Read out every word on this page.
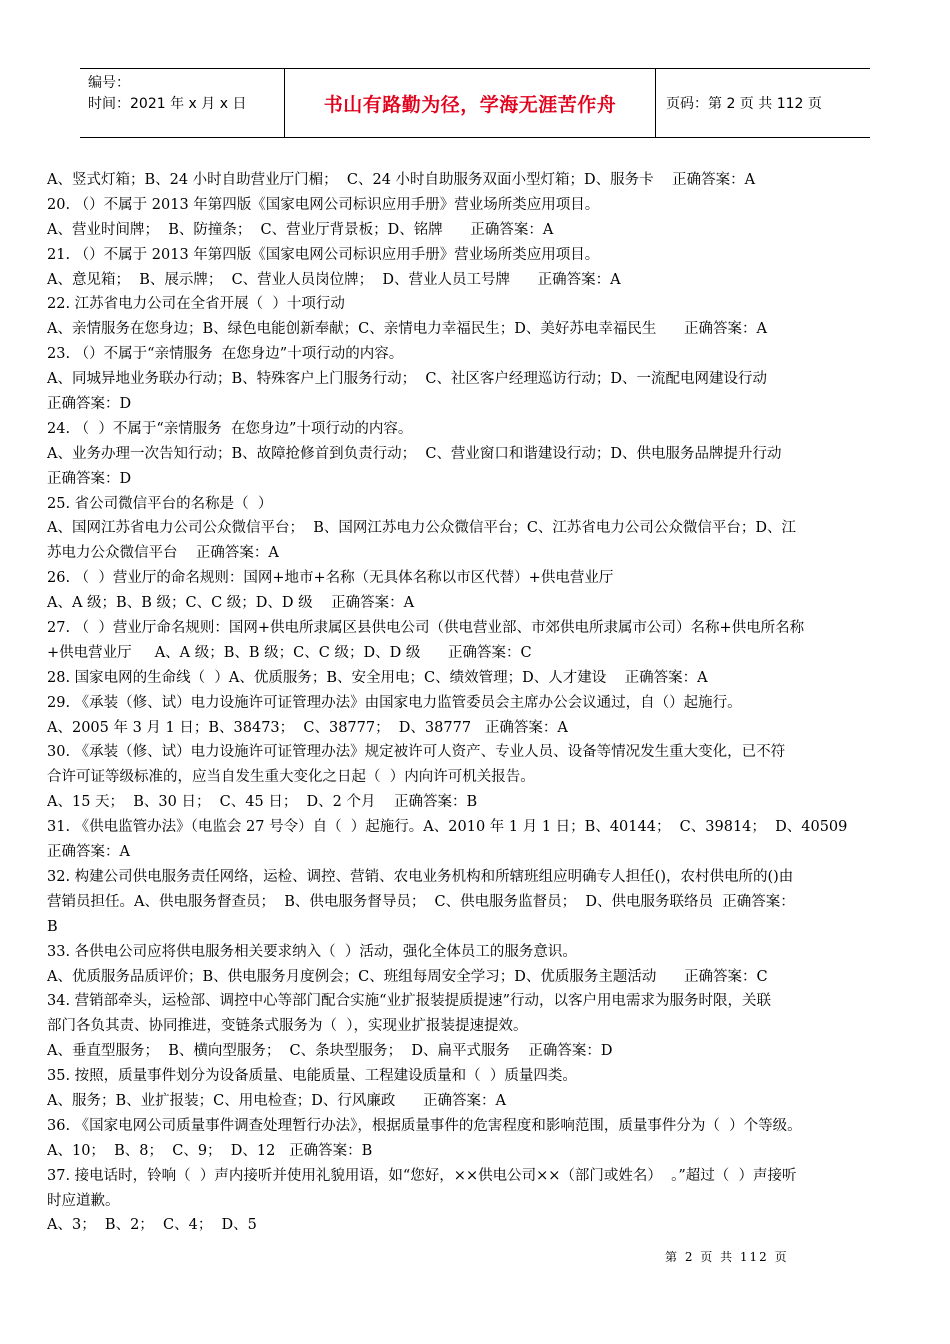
编号：
时间：2021 年 x 月 x 日	书山有路勤为径，学海无涯苦作舟	页码：第 2 页 共 112 页
A、竖式灯箱；B、24 小时自助营业厅门楣；  C、24 小时自助服务双面小型灯箱；D、服务卡    正确答案：A
20. （）不属于 2013 年第四版《国家电网公司标识应用手册》营业场所类应用项目。
A、营业时间牌；  B、防撞条；  C、营业厅背景板；D、铭牌      正确答案：A
21. （）不属于 2013 年第四版《国家电网公司标识应用手册》营业场所类应用项目。
A、意见箱；  B、展示牌；  C、营业人员岗位牌；  D、营业人员工号牌      正确答案：A
22. 江苏省电力公司在全省开展（  ）十项行动
A、亲情服务在您身边；B、绿色电能创新奉献；C、亲情电力幸福民生；D、美好苏电幸福民生      正确答案：A
23. （）不属于“亲情服务  在您身边”十项行动的内容。
A、同城异地业务联办行动；B、特殊客户上门服务行动；  C、社区客户经理巡访行动；D、一流配电网建设行动
正确答案：D
24. （  ）不属于“亲情服务  在您身边”十项行动的内容。
A、业务办理一次告知行动；B、故障抢修首到负责行动；  C、营业窗口和谐建设行动；D、供电服务品牌提升行动
正确答案：D
25. 省公司微信平台的名称是（  ）
A、国网江苏省电力公司公众微信平台；  B、国网江苏电力公众微信平台；C、江苏省电力公司公众微信平台；D、江
苏电力公众微信平台    正确答案：A
26. （  ）营业厅的命名规则：国网+地市+名称（无具体名称以市区代替）+供电营业厅
A、A 级；B、B 级；C、C 级；D、D 级    正确答案：A
27. （  ）营业厅命名规则：国网+供电所隶属区县供电公司（供电营业部、市郊供电所隶属市公司）名称+供电所名称
+供电营业厅     A、A 级；B、B 级；C、C 级；D、D 级      正确答案：C
28. 国家电网的生命线（  ）A、优质服务；B、安全用电；C、绩效管理；D、人才建设    正确答案：A
29. 《承装（修、试）电力设施许可证管理办法》由国家电力监管委员会主席办公会议通过，自（）起施行。
A、2005 年 3 月 1 日；B、38473；  C、38777；  D、38777   正确答案：A
30. 《承装（修、试）电力设施许可证管理办法》规定被许可人资产、专业人员、设备等情况发生重大变化，已不符
合许可证等级标准的，应当自发生重大变化之日起（  ）内向许可机关报告。
A、15 天；  B、30 日；  C、45 日；  D、2 个月    正确答案：B
31. 《供电监管办法》（电监会 27 号令）自（  ）起施行。A、2010 年 1 月 1 日；B、40144；  C、39814；  D、40509
正确答案：A
32. 构建公司供电服务责任网络，运检、调控、营销、农电业务机构和所辖班组应明确专人担任()，农村供电所的()由
营销员担任。A、供电服务督查员；  B、供电服务督导员；  C、供电服务监督员；  D、供电服务联络员  正确答案：
B
33. 各供电公司应将供电服务相关要求纳入（  ）活动，强化全体员工的服务意识。
A、优质服务品质评价；B、供电服务月度例会；C、班组每周安全学习；D、优质服务主题活动      正确答案：C
34. 营销部牵头，运检部、调控中心等部门配合实施“业扩报装提质提速”行动，以客户用电需求为服务时限，关联
部门各负其责、协同推进，变链条式服务为（  ），实现业扩报装提速提效。
A、垂直型服务；  B、横向型服务；  C、条块型服务；  D、扁平式服务    正确答案：D
35. 按照，质量事件划分为设备质量、电能质量、工程建设质量和（  ）质量四类。
A、服务；B、业扩报装；C、用电检查；D、行风廉政      正确答案：A
36. 《国家电网公司质量事件调查处理暂行办法》，根据质量事件的危害程度和影响范围，质量事件分为（  ）个等级。
A、10；  B、8；  C、9；  D、12   正确答案：B
37. 接电话时，铃响（  ）声内接听并使用礼貌用语，如“您好，××供电公司××（部门或姓名）  。”超过（  ）声接听
时应道歉。
A、3；  B、2；  C、4；  D、5
第 2 页 共 112 页
